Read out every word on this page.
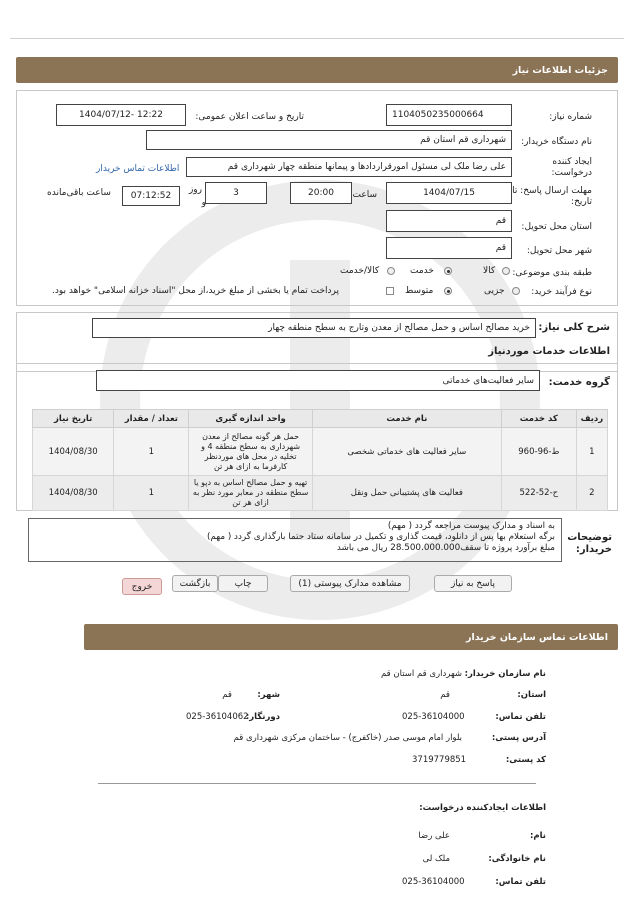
جزئیات اطلاعات نیاز
شماره نیاز:
1104050235000664
تاریخ و ساعت اعلان عمومی:
1404/07/12- 12:22
نام دستگاه خریدار:
شهرداری قم استان قم
ایجاد کننده
درخواست:
علی رضا ملک لی مسئول امورقراردادها و پیمانها منطقه چهار شهرداری قم
اطلاعات تماس خریدار
مهلت ارسال پاسخ: تا
تاریخ:
1404/07/15
ساعت
20:00
3
روز
و
07:12:52
ساعت باقی‌مانده
استان محل تحویل:
قم
شهر محل تحویل:
قم
طبقه بندی موضوعی:
کالا
خدمت
کالا/خدمت
نوع فرآیند خرید:
جزیی
متوسط
پرداخت تمام یا بخشی از مبلغ خرید،از محل "اسناد خزانه اسلامی" خواهد بود.
شرح کلی نیاز:
خرید مصالح اساس و حمل مصالح از معدن وتارج به سطح منطقه چهار
اطلاعات خدمات موردنیاز
گروه خدمت:
سایر فعالیت‌های خدماتی
ردیف	کد خدمت	نام خدمت	واحد اندازه گیری	تعداد / مقدار	تاریخ نیاز
1	ط-96-960	سایر فعالیت های خدماتی شخصی	حمل هر گونه مصالح از معدن شهرداری به سطح منطقه 4 و تخلیه در محل های موردنظر کارفرما به ازای هر تن	1	1404/08/30
2	ح-52-522	فعالیت های پشتیبانی حمل ونقل	تهیه و حمل مصالح اساس به دپو یا سطح منطقه در معابر مورد نظر به ازای هر تن	1	1404/08/30
توضیحات
خریدار:
به اسناد و مدارک پیوست مراجعه گردد ( مهم)
برگه استعلام بها پس از دانلود، قیمت گذاری و تکمیل در سامانه ستاد حتما بارگذاری گردد ( مهم)
مبلغ برآورد پروژه تا سقف28.500.000.000 ریال می باشد
پاسخ به نیاز
مشاهده مدارک پیوستی (1)
چاپ
بازگشت
خروج
اطلاعات تماس سازمان خریدار
نام سازمان خریدار:
شهرداری قم استان قم
استان:
قم
شهر:
قم
تلفن تماس:
025-36104000
دورنگار:
025-36104062
آدرس پستی:
بلوار امام موسی صدر (خاکفرج) - ساختمان مرکزی شهرداری قم
کد پستی:
3719779851
اطلاعات ایجادکننده درخواست:
نام:
علی رضا
نام خانوادگی:
ملک لی
تلفن تماس:
025-36104000
